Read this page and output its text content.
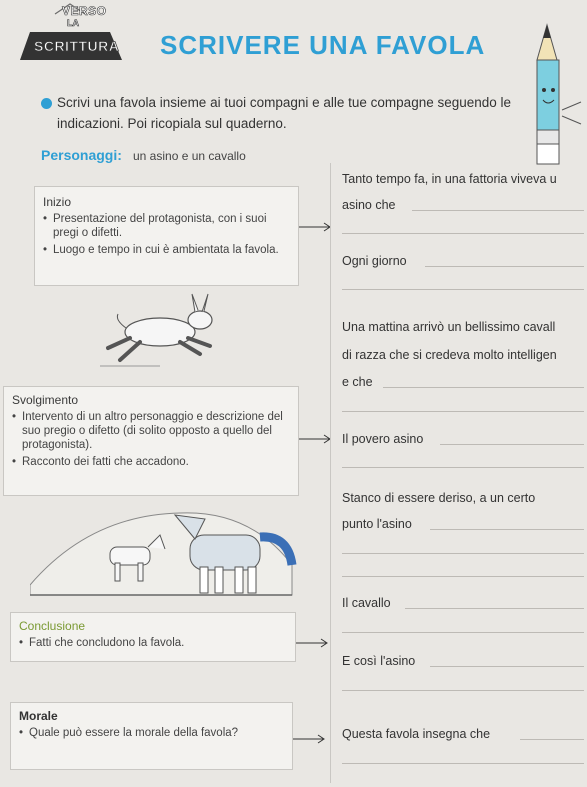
VERSO
LA
SCRITTURA SCRIVERE UNA FAVOLA
Scrivi una favola insieme ai tuoi compagni e alle tue compagne seguendo le indicazioni. Poi ricopiala sul quaderno.
Personaggi: un asino e un cavallo
Inizio
• Presentazione del protagonista, con i suoi pregi o difetti.
• Luogo e tempo in cui è ambientata la favola.
Svolgimento
• Intervento di un altro personaggio e descrizione del suo pregio o difetto (di solito opposto a quello del protagonista).
• Racconto dei fatti che accadono.
Conclusione
• Fatti che concludono la favola.
Morale
• Quale può essere la morale della favola?
Tanto tempo fa, in una fattoria viveva u
asino che
Ogni giorno
Una mattina arrivò un bellissimo cavall
di razza che si credeva molto intelligen
e che
Il povero asino
Stanco di essere deriso, a un certo
punto l'asino
Il cavallo
E così l'asino
Questa favola insegna che
